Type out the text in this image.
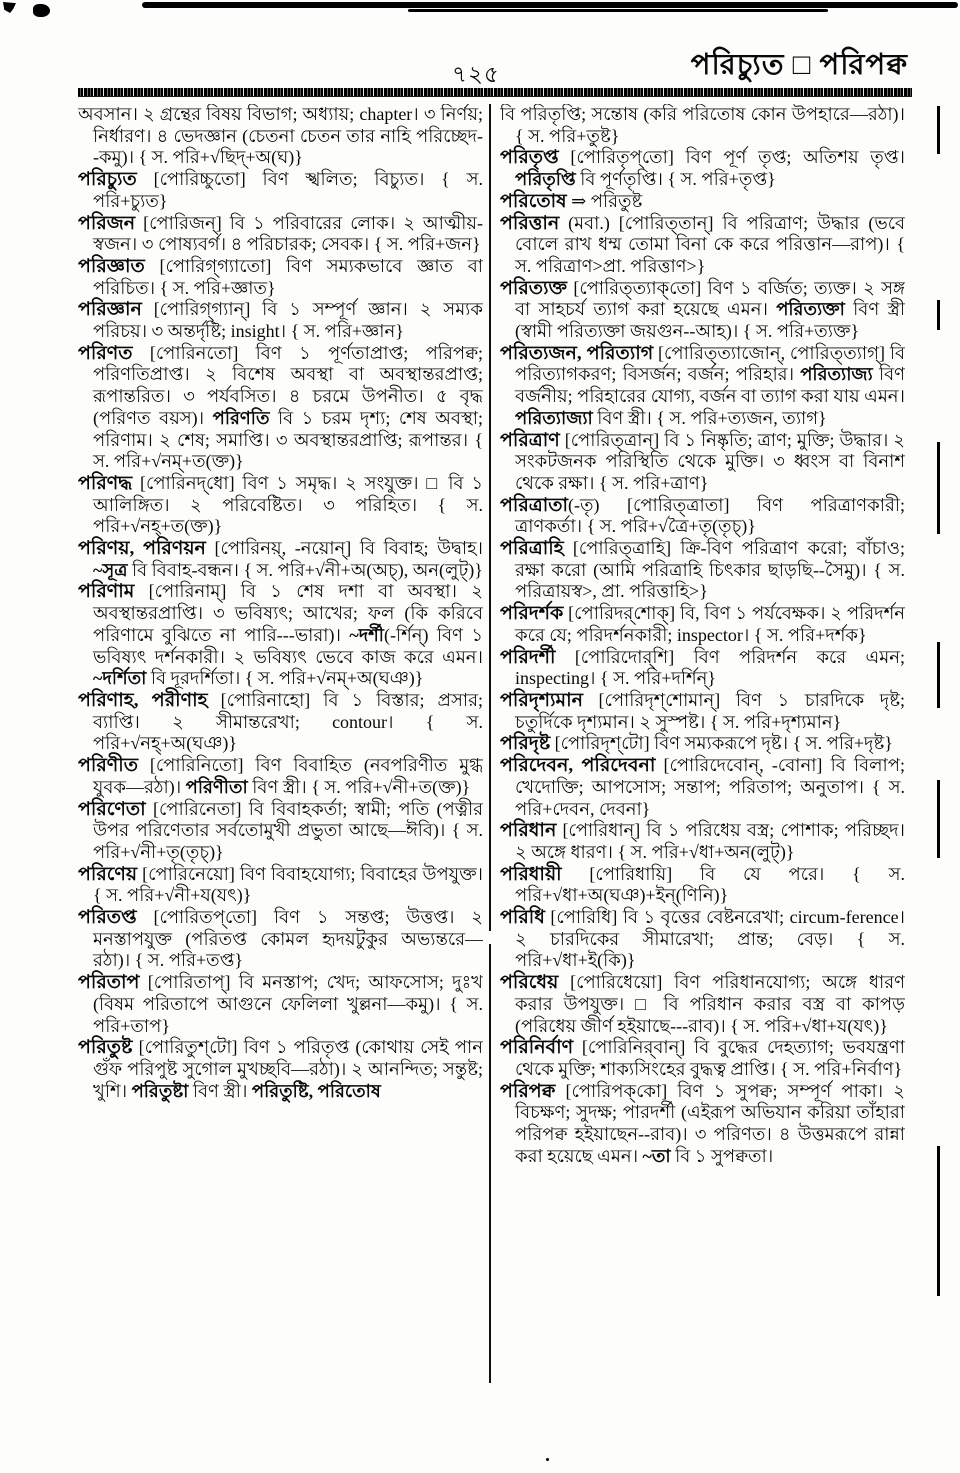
৭২৫	পরিচ্যুত □ পরিপক্ব

অবসান। ২ গ্রন্থের বিষয় বিভাগ; অধ্যায়; chapter। ৩ নির্ণয়; নির্ধারণ। ৪ ভেদজ্ঞান (চেতনা চেতন তার নাহি পরিচ্ছেদ--কমু)। { স. পরি+√ছিদ্+অ(ঘ)}

পরিচ্যুত [পোরিচ্চুতো] বিণ স্খলিত; বিচ্যুত। { স. পরি+চ্যুত}

পরিজন [পোরিজন্] বি ১ পরিবারের লোক। ২ আত্মীয়-স্বজন। ৩ পোষ্যবর্গ। ৪ পরিচারক; সেবক। { স. পরি+জন}

পরিজ্ঞাত [পোরিগ্‌গ্যাতো] বিণ সম্যকভাবে জ্ঞাত বা পরিচিত। { স. পরি+জ্ঞাত}

পরিজ্ঞান [পোরিগ্‌গ্যান্] বি ১ সম্পূর্ণ জ্ঞান। ২ সম্যক পরিচয়। ৩ অন্তর্দৃষ্টি; insight। { স. পরি+জ্ঞান}

পরিণত [পোরিনতো] বিণ ১ পূর্ণতাপ্রাপ্ত; পরিপক্ব; পরিণতিপ্রাপ্ত। ২ বিশেষ অবস্থা বা অবস্থান্তরপ্রাপ্ত; রূপান্তরিত। ৩ পর্যবসিত। ৪ চরমে উপনীত। ৫ বৃদ্ধ (পরিণত বয়স)। পরিণতি বি ১ চরম দৃশ্য; শেষ অবস্থা; পরিণাম। ২ শেষ; সমাপ্তি। ৩ অবস্থান্তরপ্রাপ্তি; রূপান্তর। { স. পরি+√নম্+ত(ক্ত)}

পরিণদ্ধ [পোরিনদ্‌ধো] বিণ ১ সমৃদ্ধ। ২ সংযুক্ত। □ বি ১ আলিঙ্গিত। ২ পরিবেষ্টিত। ৩ পরিহিত। { স. পরি+√নহ্+ত(ক্ত)}

পরিণয়, পরিণয়ন [পোরিনয়্, -নয়োন্] বি বিবাহ; উদ্বাহ। ~সূত্র বি বিবাহ-বন্ধন। { স. পরি+√নী+অ(অচ্), অন(লুট্)}

পরিণাম [পোরিনাম্] বি ১ শেষ দশা বা অবস্থা। ২ অবস্থান্তরপ্রাপ্তি। ৩ ভবিষ্যৎ; আখের; ফল (কি করিবে পরিণামে বুঝিতে না পারি---ভারা)। ~দর্শী(-র্শিন্) বিণ ১ ভবিষ্যৎ দর্শনকারী। ২ ভবিষ্যৎ ভেবে কাজ করে এমন। ~দর্শিতা বি দূরদর্শিতা। { স. পরি+√নম্+অ(ঘঞ)}

পরিণাহ, পরীণাহ [পোরিনাহো] বি ১ বিস্তার; প্রসার; ব্যাপ্তি। ২ সীমান্তরেখা; contour। { স. পরি+√নহ্+অ(ঘঞ)}

পরিণীত [পোরিনিতো] বিণ বিবাহিত (নবপরিণীত মুগ্ধ যুবক—রঠা)। পরিণীতা বিণ স্ত্রী। { স. পরি+√নী+ত(ক্ত)}

পরিণেতা [পোরিনেতা] বি বিবাহকর্তা; স্বামী; পতি (পত্নীর উপর পরিণেতার সর্বতোমুখী প্রভুতা আছে—ঈবি)। { স. পরি+√নী+তৃ(তৃচ্)}

পরিণেয় [পোরিনেয়ো] বিণ বিবাহযোগ্য; বিবাহের উপযুক্ত। { স. পরি+√নী+য(যৎ)}

পরিতপ্ত [পোরিতপ্‌তো] বিণ ১ সন্তপ্ত; উত্তপ্ত। ২ মনস্তাপযুক্ত (পরিতপ্ত কোমল হৃদয়টুকুর অভ্যন্তরে—রঠা)। { স. পরি+তপ্ত}

পরিতাপ [পোরিতাপ্] বি মনস্তাপ; খেদ; আফসোস; দুঃখ (বিষম পরিতাপে আগুনে ফেলিলা খুল্লনা—কমু)। { স. পরি+তাপ}

পরিতুষ্ট [পোরিতুশ্‌টো] বিণ ১ পরিতৃপ্ত (কোথায় সেই পান গুঁফ পরিপুষ্ট সুগোল মুখচ্ছবি—রঠা)। ২ আনন্দিত; সন্তুষ্ট; খুশি। পরিতুষ্টা বিণ স্ত্রী। পরিতুষ্টি, পরিতোষ

বি পরিতৃপ্তি; সন্তোষ (করি পরিতোষ কোন উপহারে—রঠা)। { স. পরি+তুষ্ট}

পরিতৃপ্ত [পোরিতৃপ্‌তো] বিণ পূর্ণ তৃপ্ত; অতিশয় তৃপ্ত। পরিতৃপ্তি বি পূর্ণতৃপ্তি। { স. পরি+তৃপ্ত}

পরিতোষ ⇒ পরিতুষ্ট

পরিত্তান (মবা.) [পোরিত্‌তান্] বি পরিত্রাণ; উদ্ধার (ভবে বোলে রাখ ধম্ম তোমা বিনা কে করে পরিত্তান—রাপ)। { স. পরিত্রাণ>প্রা. পরিত্তাণ>}

পরিত্যক্ত [পোরিত্‌ত্যাক্‌তো] বিণ ১ বর্জিত; ত্যক্ত। ২ সঙ্গ বা সাহচর্য ত্যাগ করা হয়েছে এমন। পরিত্যক্তা বিণ স্ত্রী (স্বামী পরিত্যক্তা জয়গুন--আহ)। { স. পরি+ত্যক্ত}

পরিত্যজন, পরিত্যাগ [পোরিত্‌ত্যাজোন্, পোরিত্‌ত্যাগ্] বি পরিত্যাগকরণ; বিসর্জন; বর্জন; পরিহার। পরিত্যাজ্য বিণ বর্জনীয়; পরিহারের যোগ্য, বর্জন বা ত্যাগ করা যায় এমন। পরিত্যাজ্যা বিণ স্ত্রী। { স. পরি+ত্যজন, ত্যাগ}

পরিত্রাণ [পোরিত্‌ত্রান্] বি ১ নিষ্কৃতি; ত্রাণ; মুক্তি; উদ্ধার। ২ সংকটজনক পরিস্থিতি থেকে মুক্তি। ৩ ধ্বংস বা বিনাশ থেকে রক্ষা। { স. পরি+ত্রাণ}

পরিত্রাতা(-তৃ) [পোরিত্‌ত্রাতা] বিণ পরিত্রাণকারী; ত্রাণকর্তা। { স. পরি+√ত্রৈ+তৃ(তৃচ্)}

পরিত্রাহি [পোরিত্‌ত্রাহি] ক্রি-বিণ পরিত্রাণ করো; বাঁচাও; রক্ষা করো (আমি পরিত্রাহি চিৎকার ছাড়ছি--সৈমু)। { স. পরিত্রায়স্ব>, প্রা. পরিত্তাহি>}

পরিদর্শক [পোরিদর্‌শোক্] বি, বিণ ১ পর্যবেক্ষক। ২ পরিদর্শন করে যে; পরিদর্শনকারী; inspector। { স. পরি+দর্শক}

পরিদর্শী [পোরিদোর্‌শি] বিণ পরিদর্শন করে এমন; inspecting। { স. পরি+দর্শিন্}

পরিদৃশ্যমান [পোরিদৃশ্‌শোমান্] বিণ ১ চারদিকে দৃষ্ট; চতুর্দিকে দৃশ্যমান। ২ সুস্পষ্ট। { স. পরি+দৃশ্যমান}

পরিদৃষ্ট [পোরিদৃশ্‌টো] বিণ সম্যকরূপে দৃষ্ট। { স. পরি+দৃষ্ট}

পরিদেবন, পরিদেবনা [পোরিদেবোন্, -বোনা] বি বিলাপ; খেদোক্তি; আপসোস; সন্তাপ; পরিতাপ; অনুতাপ। { স. পরি+দেবন, দেবনা}

পরিধান [পোরিধান্] বি ১ পরিধেয় বস্ত্র; পোশাক; পরিচ্ছদ। ২ অঙ্গে ধারণ। { স. পরি+√ধা+অন(লুট্)}

পরিধায়ী [পোরিধায়ি] বি যে পরে। { স. পরি+√ধা+অ(ঘঞ)+ইন্(ণিনি)}

পরিধি [পোরিধি] বি ১ বৃত্তের বেষ্টনরেখা; circum-ference। ২ চারদিকের সীমারেখা; প্রান্ত; বেড়। { স. পরি+√ধা+ই(কি)}

পরিধেয় [পোরিধেয়ো] বিণ পরিধানযোগ্য; অঙ্গে ধারণ করার উপযুক্ত। □ বি পরিধান করার বস্ত্র বা কাপড় (পরিধেয় জীর্ণ হইয়াছে---রাব)। { স. পরি+√ধা+য(যৎ)}

পরিনির্বাণ [পোরিনির্‌বান্] বি বুদ্ধের দেহত্যাগ; ভবযন্ত্রণা থেকে মুক্তি; শাক্যসিংহের বুদ্ধত্ব প্রাপ্তি। { স. পরি+নির্বাণ}

পরিপক্ব [পোরিপক্‌কো] বিণ ১ সুপক্ব; সম্পূর্ণ পাকা। ২ বিচক্ষণ; সুদক্ষ; পারদর্শী (এইরূপ অভিযান করিয়া তাঁহারা পরিপক্ব হইয়াছেন--রাব)। ৩ পরিণত। ৪ উত্তমরূপে রান্না করা হয়েছে এমন। ~তা বি ১ সুপক্বতা।
